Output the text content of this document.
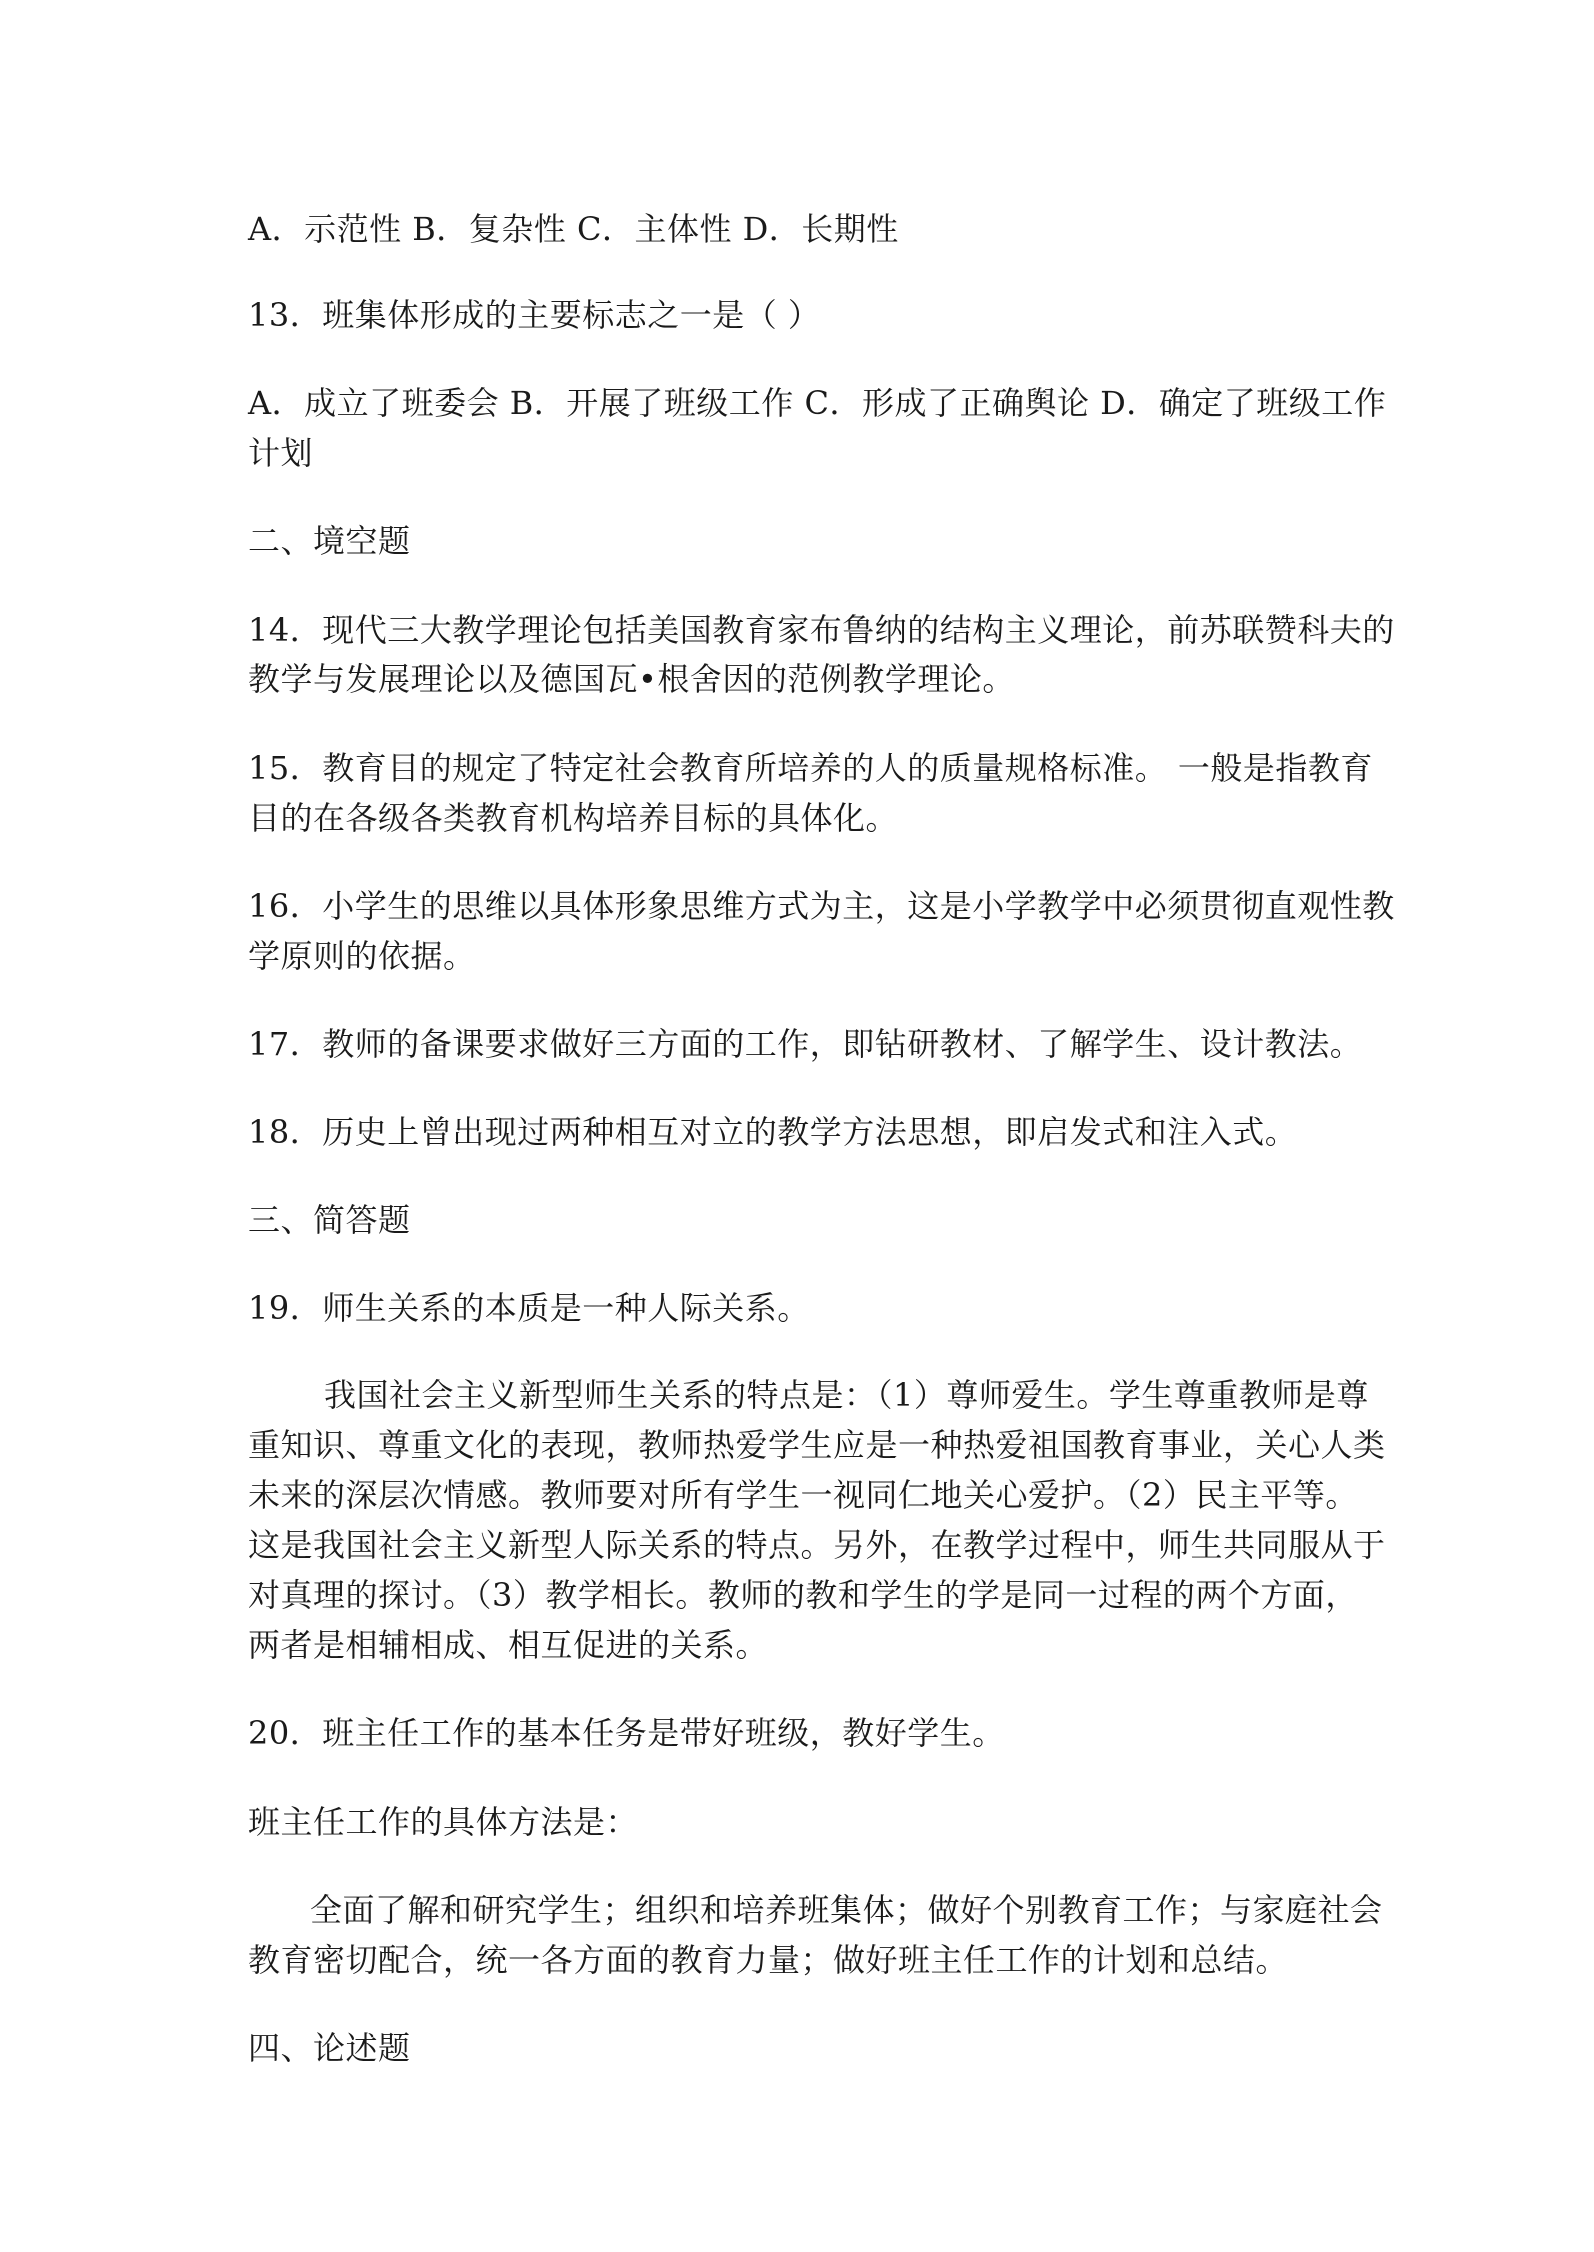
A．示范性 B．复杂性 C．主体性 D．长期性
13．班集体形成的主要标志之一是（ ）
A．成立了班委会 B．开展了班级工作 C．形成了正确舆论 D．确定了班级工作
计划
二、境空题
14．现代三大教学理论包括美国教育家布鲁纳的结构主义理论，前苏联赞科夫的
教学与发展理论以及德国瓦•根舍因的范例教学理论。
15．教育目的规定了特定社会教育所培养的人的质量规格标准。 一般是指教育
目的在各级各类教育机构培养目标的具体化。
16．小学生的思维以具体形象思维方式为主，这是小学教学中必须贯彻直观性教
学原则的依据。
17．教师的备课要求做好三方面的工作，即钻研教材、了解学生、设计教法。
18．历史上曾出现过两种相互对立的教学方法思想，即启发式和注入式。
三、简答题
19．师生关系的本质是一种人际关系。
我国社会主义新型师生关系的特点是：（1）尊师爱生。学生尊重教师是尊
重知识、尊重文化的表现，教师热爱学生应是一种热爱祖国教育事业，关心人类
未来的深层次情感。教师要对所有学生一视同仁地关心爱护。（2）民主平等。
这是我国社会主义新型人际关系的特点。另外，在教学过程中，师生共同服从于
对真理的探讨。（3）教学相长。教师的教和学生的学是同一过程的两个方面，
两者是相辅相成、相互促进的关系。
20．班主任工作的基本任务是带好班级，教好学生。
班主任工作的具体方法是：
全面了解和研究学生；组织和培养班集体；做好个别教育工作；与家庭社会
教育密切配合，统一各方面的教育力量；做好班主任工作的计划和总结。
四、论述题
